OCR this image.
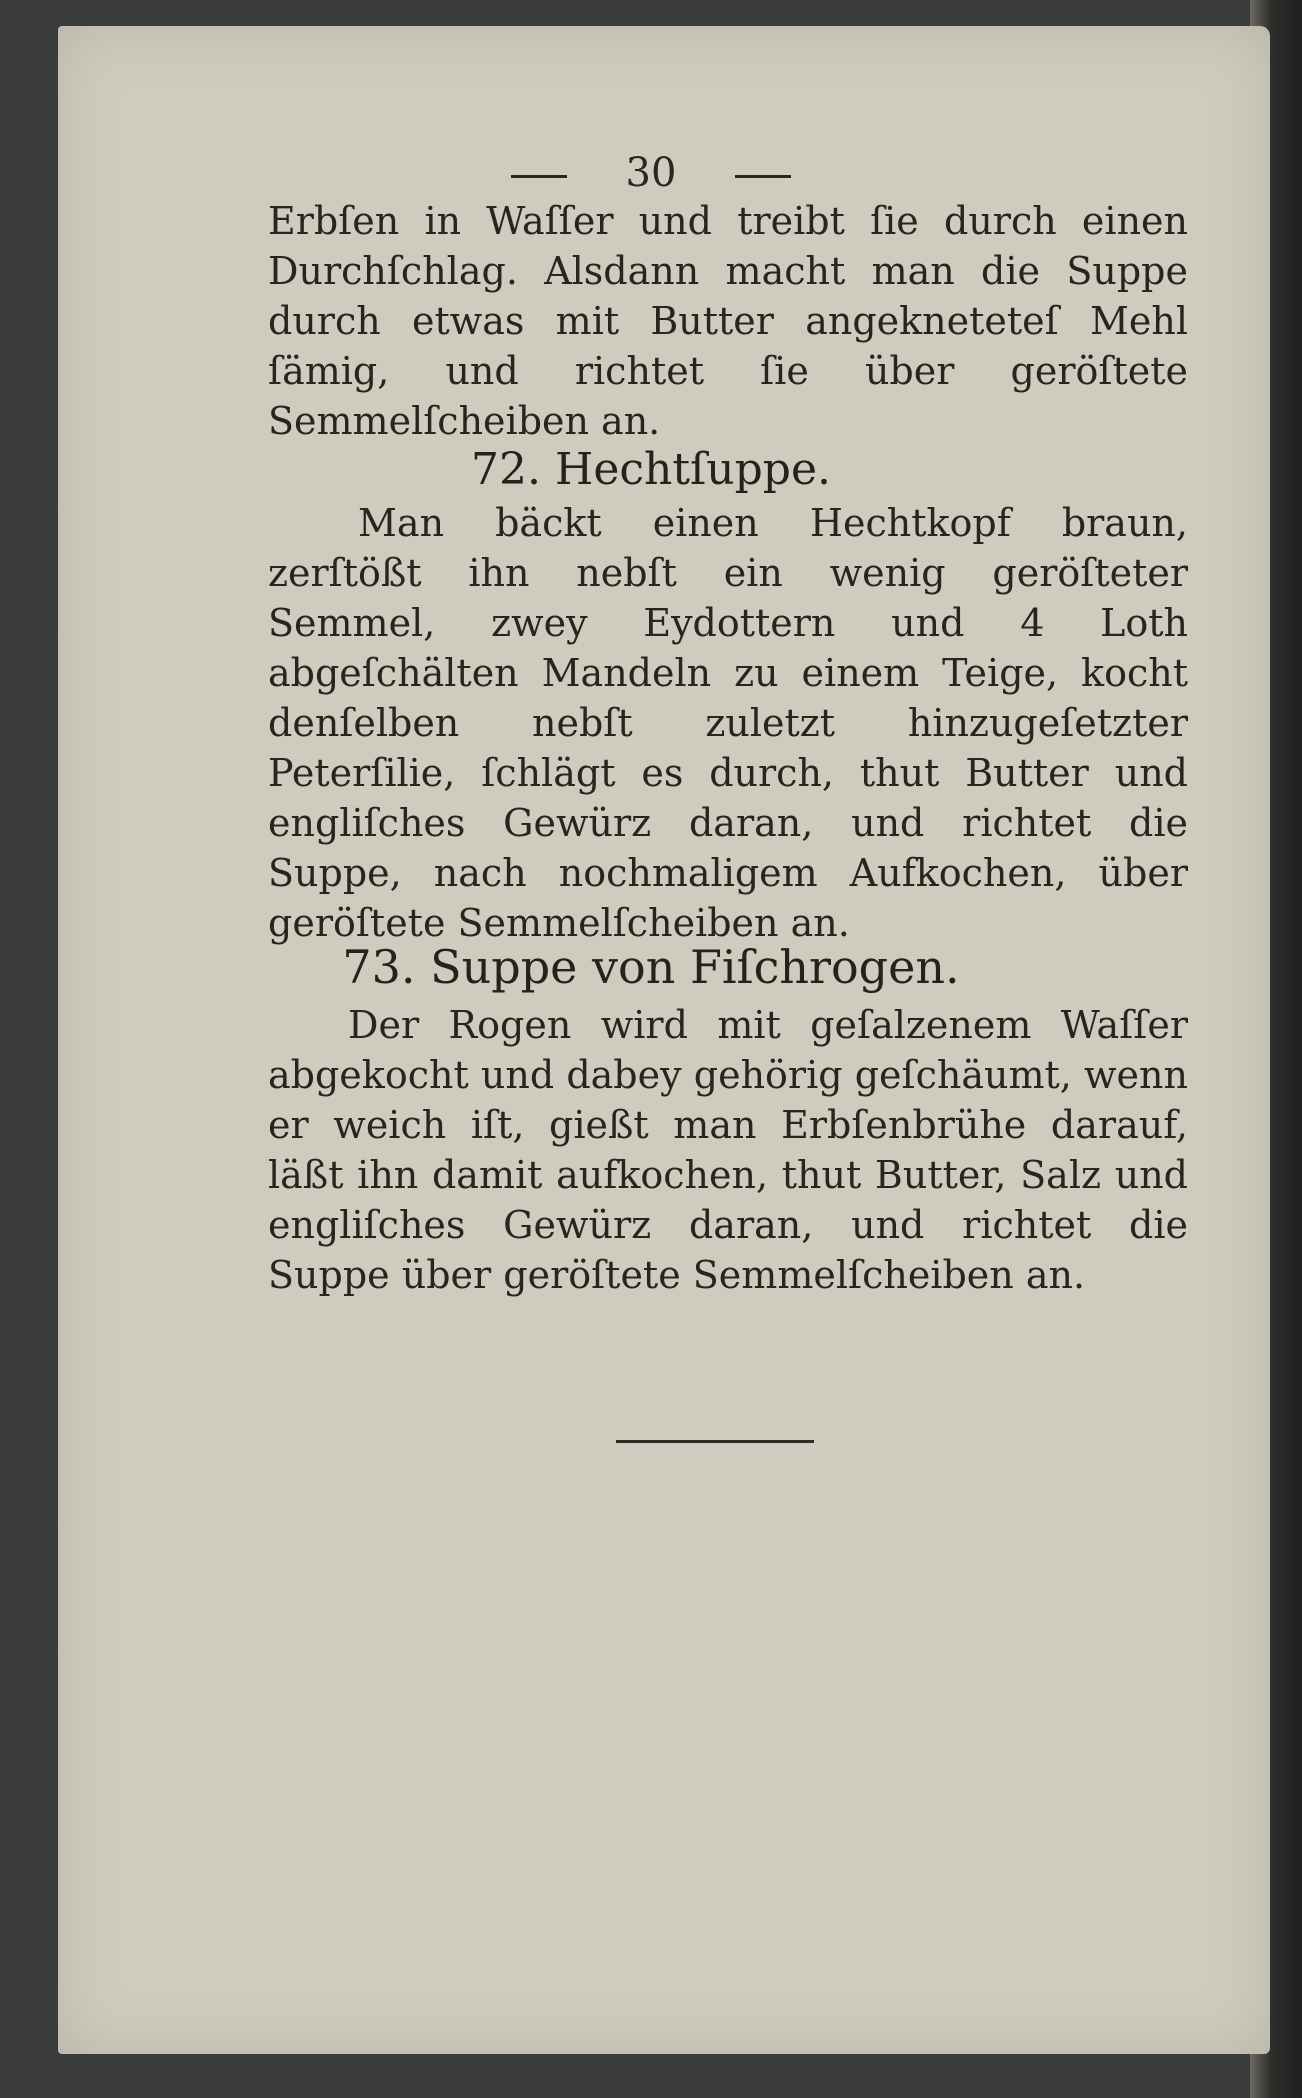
30

Erbſen in Waſſer und treibt ſie durch einen Durchſchlag. Alsdann macht man die Suppe durch etwas mit Butter angekneteteſ Mehl ſämig, und richtet ſie über geröſtete Semmelſcheiben an.

72. Hechtſuppe.

Man bäckt einen Hechtkopf braun, zerſtößt ihn nebſt ein wenig geröſteter Semmel, zwey Eydottern und 4 Loth abgeſchälten Mandeln zu einem Teige, kocht denſelben nebſt zuletzt hinzugeſetzter Peterſilie, ſchlägt es durch, thut Butter und engliſches Gewürz daran, und richtet die Suppe, nach nochmaligem Aufkochen, über geröſtete Semmelſcheiben an.

73. Suppe von Fiſchrogen.

Der Rogen wird mit geſalzenem Waſſer abgekocht und dabey gehörig geſchäumt, wenn er weich iſt, gießt man Erbſenbrühe darauf, läßt ihn damit aufkochen, thut Butter, Salz und engliſches Gewürz daran, und richtet die Suppe über geröſtete Semmelſcheiben an.
